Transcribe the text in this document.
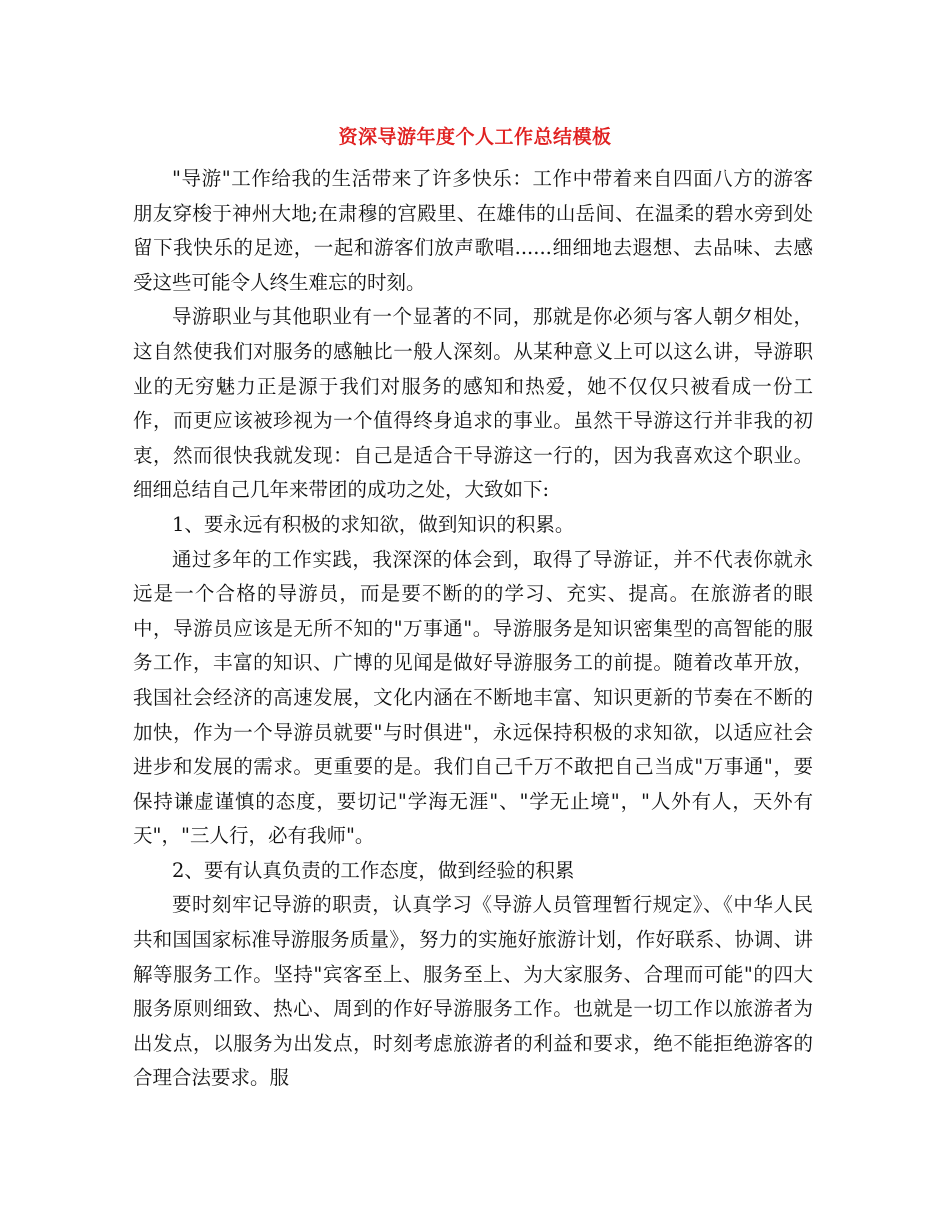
资深导游年度个人工作总结模板

"导游"工作给我的生活带来了许多快乐：工作中带着来自四面八方的游客朋友穿梭于神州大地;在肃穆的宫殿里、在雄伟的山岳间、在温柔的碧水旁到处留下我快乐的足迹，一起和游客们放声歌唱......细细地去遐想、去品味、去感受这些可能令人终生难忘的时刻。

导游职业与其他职业有一个显著的不同，那就是你必须与客人朝夕相处，这自然使我们对服务的感触比一般人深刻。从某种意义上可以这么讲，导游职业的无穷魅力正是源于我们对服务的感知和热爱，她不仅仅只被看成一份工作，而更应该被珍视为一个值得终身追求的事业。虽然干导游这行并非我的初衷，然而很快我就发现：自己是适合干导游这一行的，因为我喜欢这个职业。细细总结自己几年来带团的成功之处，大致如下:

1、要永远有积极的求知欲，做到知识的积累。

通过多年的工作实践，我深深的体会到，取得了导游证，并不代表你就永远是一个合格的导游员，而是要不断的的学习、充实、提高。在旅游者的眼中，导游员应该是无所不知的"万事通"。导游服务是知识密集型的高智能的服务工作，丰富的知识、广博的见闻是做好导游服务工的前提。随着改革开放，我国社会经济的高速发展，文化内涵在不断地丰富、知识更新的节奏在不断的加快，作为一个导游员就要"与时俱进"，永远保持积极的求知欲，以适应社会进步和发展的需求。更重要的是。我们自己千万不敢把自己当成"万事通"，要保持谦虚谨慎的态度，要切记"学海无涯"、"学无止境"，"人外有人，天外有天"，"三人行，必有我师"。

2、要有认真负责的工作态度，做到经验的积累

要时刻牢记导游的职责，认真学习《导游人员管理暂行规定》、《中华人民共和国国家标准导游服务质量》，努力的实施好旅游计划，作好联系、协调、讲解等服务工作。坚持"宾客至上、服务至上、为大家服务、合理而可能"的四大服务原则细致、热心、周到的作好导游服务工作。也就是一切工作以旅游者为出发点，以服务为出发点，时刻考虑旅游者的利益和要求，绝不能拒绝游客的合理合法要求。服
